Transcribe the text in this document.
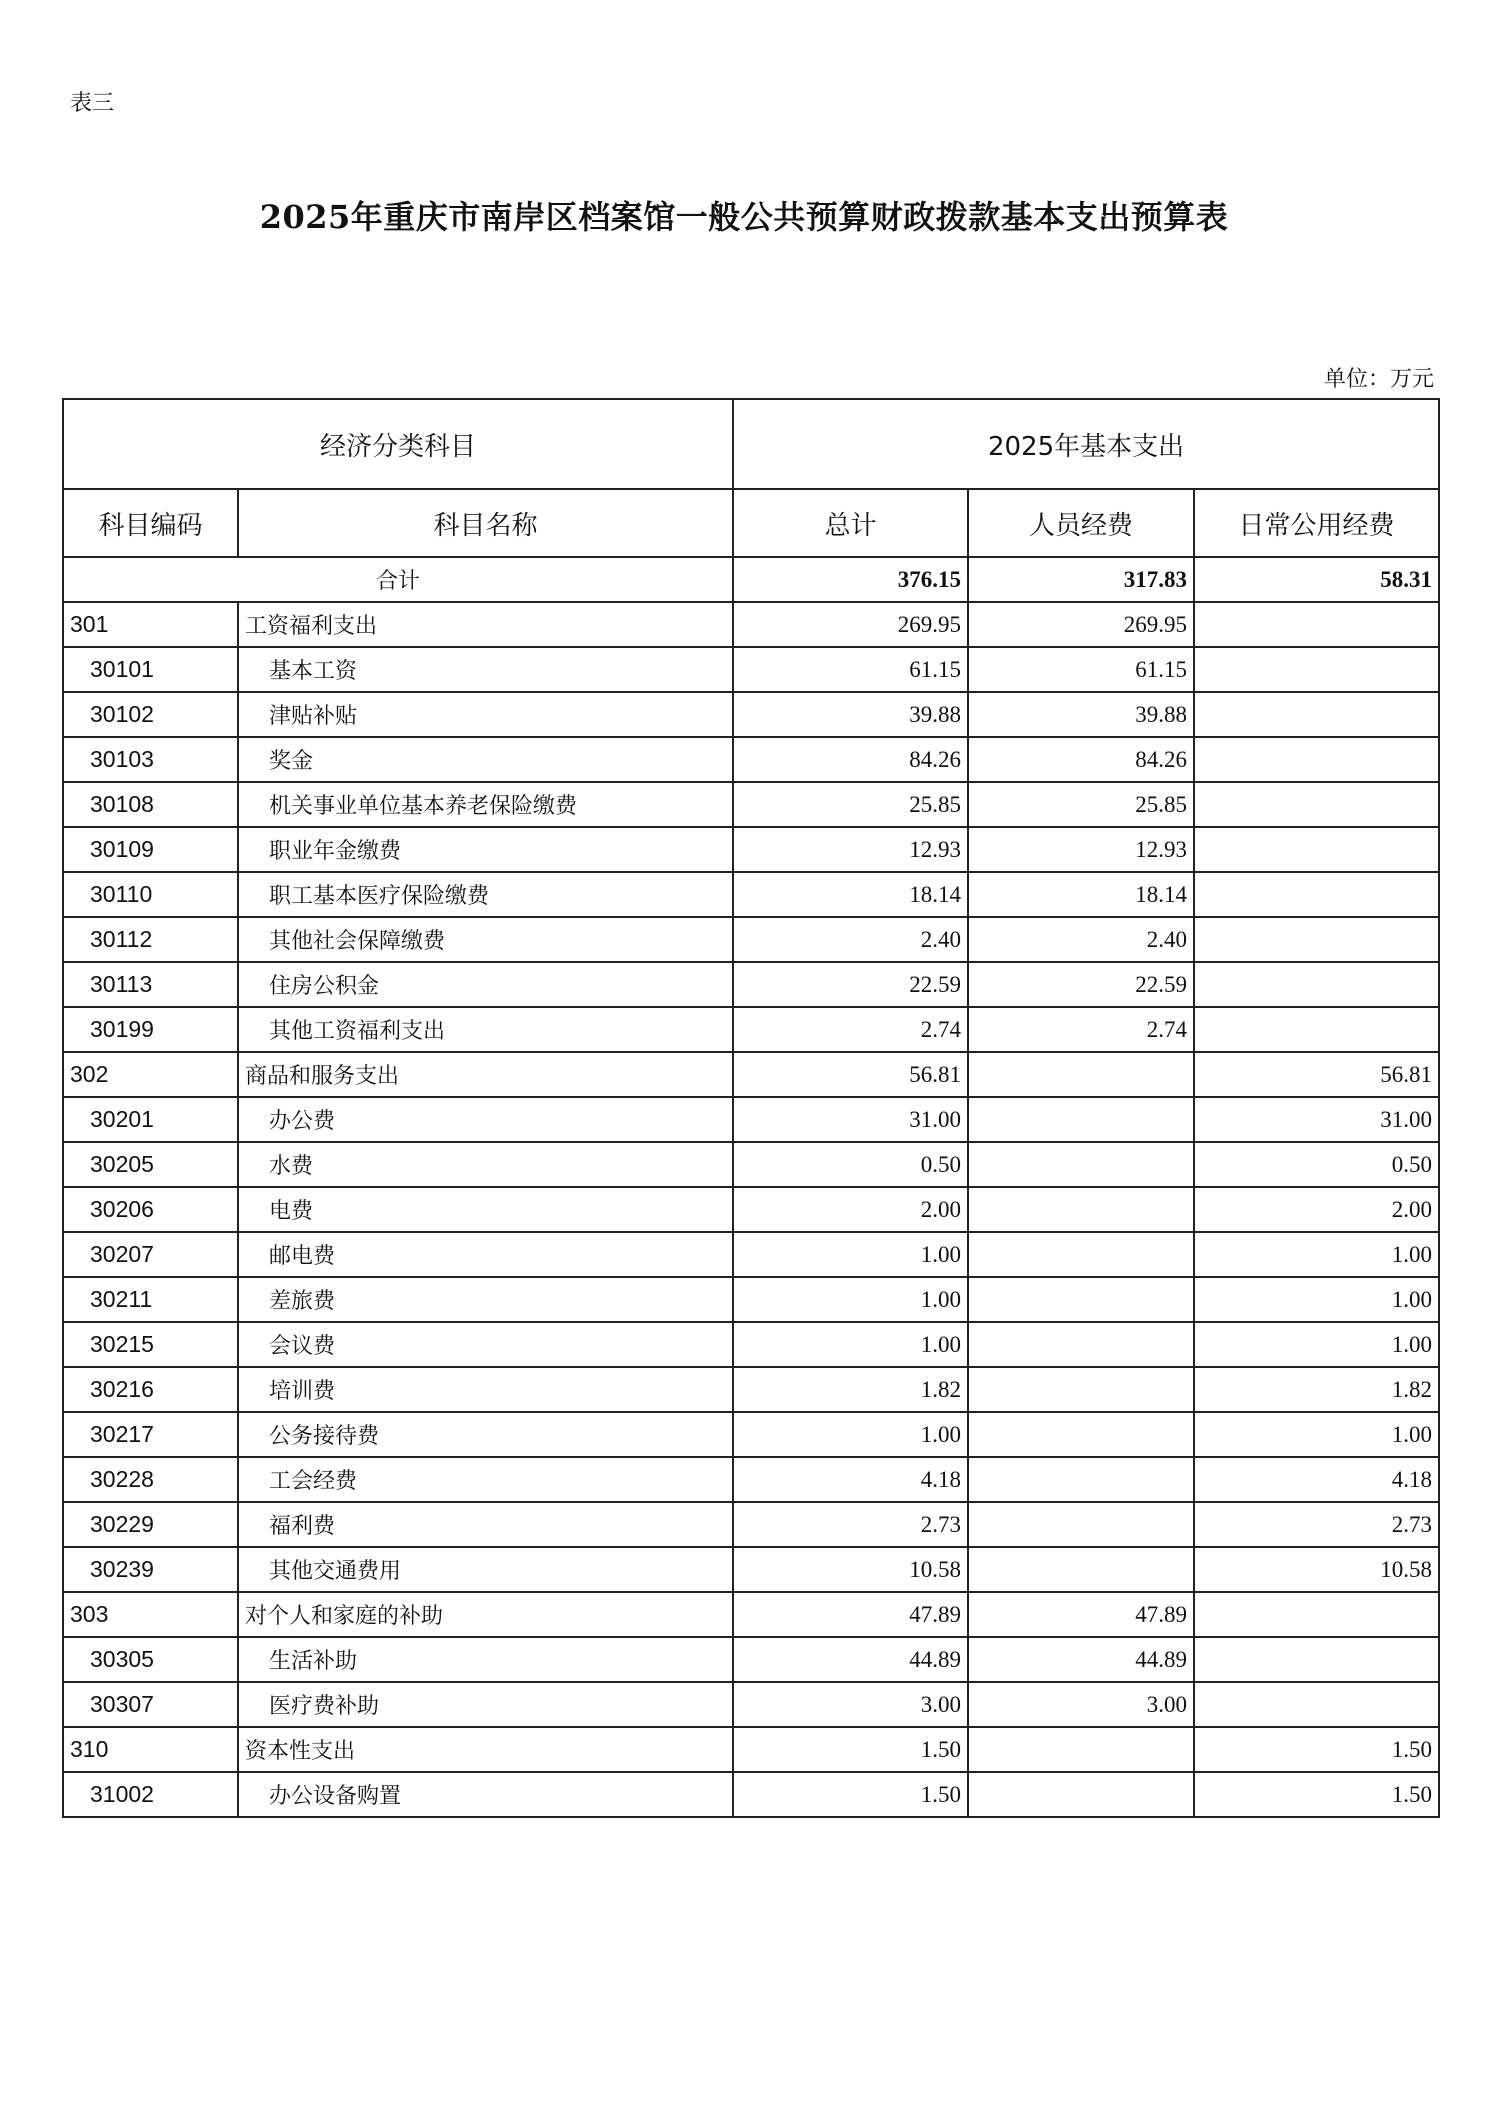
表三
2025年重庆市南岸区档案馆一般公共预算财政拨款基本支出预算表
单位：万元
经济分类科目		2025年基本支出		
科目编码	科目名称	总计	人员经费	日常公用经费
合计		376.15	317.83	58.31
301	工资福利支出	269.95	269.95	
30101	基本工资	61.15	61.15	
30102	津贴补贴	39.88	39.88	
30103	奖金	84.26	84.26	
30108	机关事业单位基本养老保险缴费	25.85	25.85	
30109	职业年金缴费	12.93	12.93	
30110	职工基本医疗保险缴费	18.14	18.14	
30112	其他社会保障缴费	2.40	2.40	
30113	住房公积金	22.59	22.59	
30199	其他工资福利支出	2.74	2.74	
302	商品和服务支出	56.81		56.81
30201	办公费	31.00		31.00
30205	水费	0.50		0.50
30206	电费	2.00		2.00
30207	邮电费	1.00		1.00
30211	差旅费	1.00		1.00
30215	会议费	1.00		1.00
30216	培训费	1.82		1.82
30217	公务接待费	1.00		1.00
30228	工会经费	4.18		4.18
30229	福利费	2.73		2.73
30239	其他交通费用	10.58		10.58
303	对个人和家庭的补助	47.89	47.89	
30305	生活补助	44.89	44.89	
30307	医疗费补助	3.00	3.00	
310	资本性支出	1.50		1.50
31002	办公设备购置	1.50		1.50
